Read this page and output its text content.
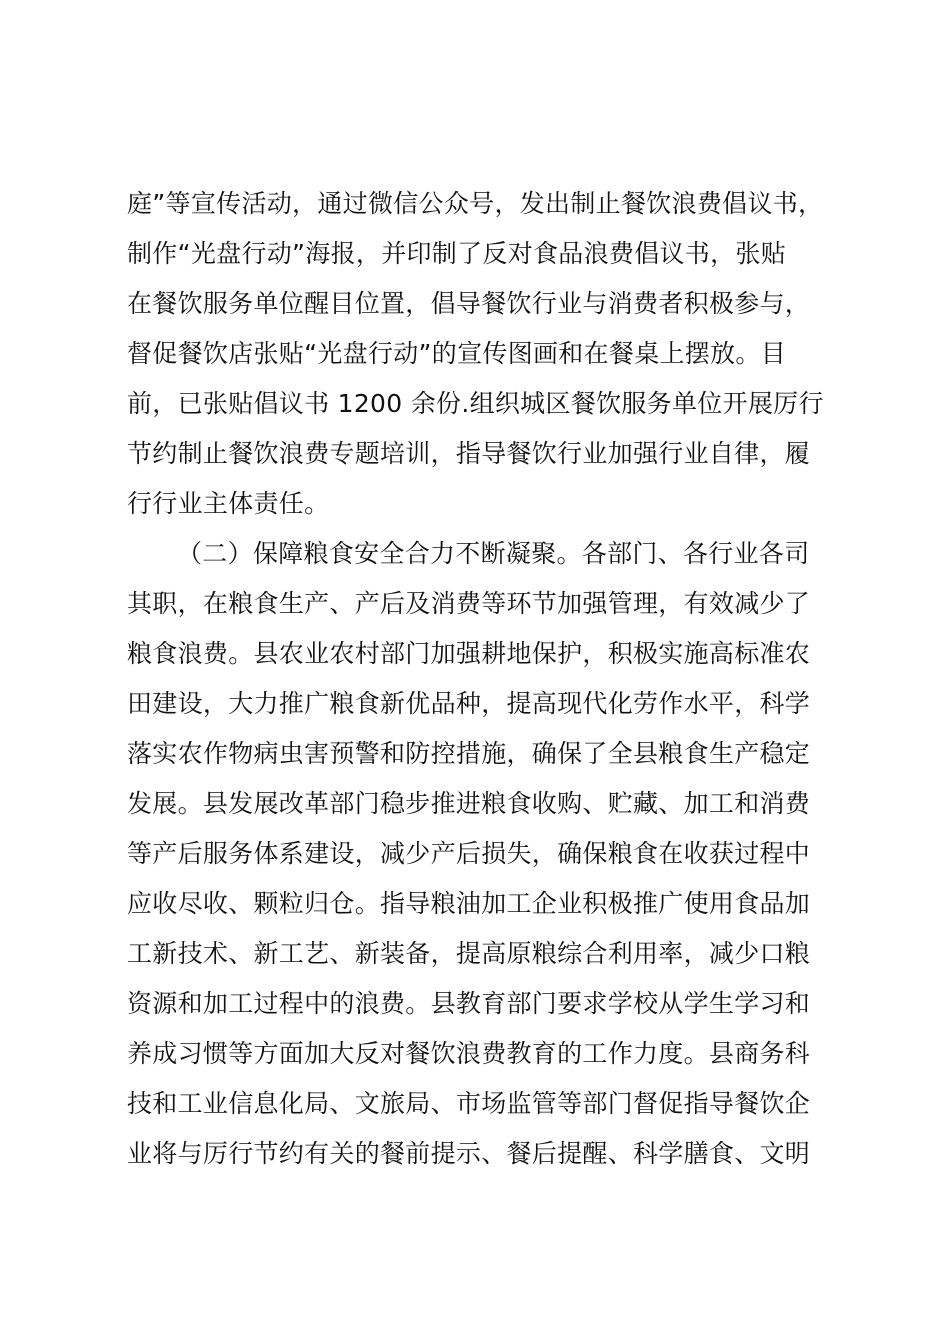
庭”等宣传活动，通过微信公众号，发出制止餐饮浪费倡议书，
制作“光盘行动”海报，并印制了反对食品浪费倡议书，张贴
在餐饮服务单位醒目位置，倡导餐饮行业与消费者积极参与，
督促餐饮店张贴“光盘行动”的宣传图画和在餐桌上摆放。目
前，已张贴倡议书 1200 余份.组织城区餐饮服务单位开展厉行
节约制止餐饮浪费专题培训，指导餐饮行业加强行业自律，履
行行业主体责任。
（二）保障粮食安全合力不断凝聚。各部门、各行业各司
其职，在粮食生产、产后及消费等环节加强管理，有效减少了
粮食浪费。县农业农村部门加强耕地保护，积极实施高标准农
田建设，大力推广粮食新优品种，提高现代化劳作水平，科学
落实农作物病虫害预警和防控措施，确保了全县粮食生产稳定
发展。县发展改革部门稳步推进粮食收购、贮藏、加工和消费
等产后服务体系建设，减少产后损失，确保粮食在收获过程中
应收尽收、颗粒归仓。指导粮油加工企业积极推广使用食品加
工新技术、新工艺、新装备，提高原粮综合利用率，减少口粮
资源和加工过程中的浪费。县教育部门要求学校从学生学习和
养成习惯等方面加大反对餐饮浪费教育的工作力度。县商务科
技和工业信息化局、文旅局、市场监管等部门督促指导餐饮企
业将与厉行节约有关的餐前提示、餐后提醒、科学膳食、文明
